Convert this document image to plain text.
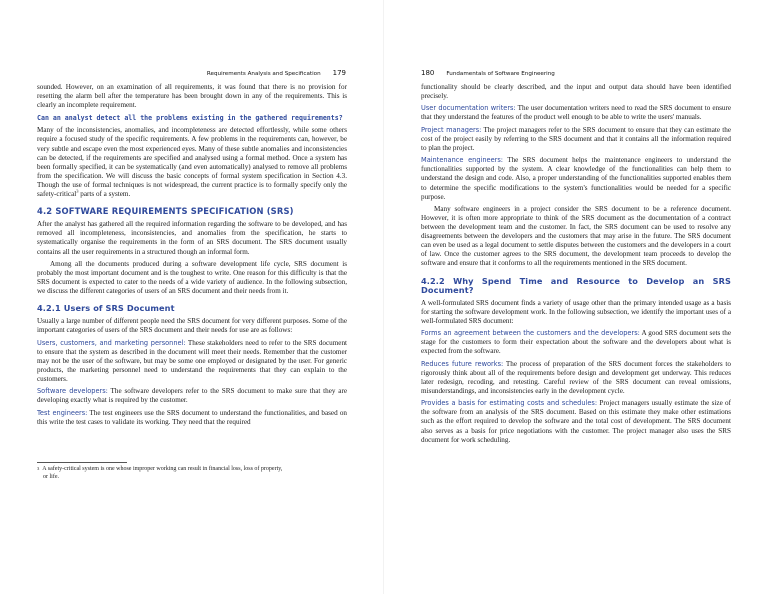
Requirements Analysis and Specification 179

sounded. However, on an examination of all requirements, it was found that there is no provision for resetting the alarm bell after the temperature has been brought down in any of the requirements. This is clearly an incomplete requirement.

Can an analyst detect all the problems existing in the gathered requirements?

Many of the inconsistencies, anomalies, and incompleteness are detected effortlessly, while some others require a focused study of the specific requirements. A few problems in the requirements can, however, be very subtle and escape even the most experienced eyes. Many of these subtle anomalies and inconsistencies can be detected, if the requirements are specified and analysed using a formal method. Once a system has been formally specified, it can be systematically (and even automatically) analysed to remove all problems from the specification. We will discuss the basic concepts of formal system specification in Section 4.3. Though the use of formal techniques is not widespread, the current practice is to formally specify only the safety-critical$^3$ parts of a system.

4.2 SOFTWARE REQUIREMENTS SPECIFICATION (SRS)

After the analyst has gathered all the required information regarding the software to be developed, and has removed all incompleteness, inconsistencies, and anomalies from the specification, he starts to systematically organise the requirements in the form of an SRS document. The SRS document usually contains all the user requirements in a structured though an informal form.

Among all the documents produced during a software development life cycle, SRS document is probably the most important document and is the toughest to write. One reason for this difficulty is that the SRS document is expected to cater to the needs of a wide variety of audience. In the following subsection, we discuss the different categories of users of an SRS document and their needs from it.

4.2.1 Users of SRS Document

Usually a large number of different people need the SRS document for very different purposes. Some of the important categories of users of the SRS document and their needs for use are as follows:

Users, customers, and marketing personnel: These stakeholders need to refer to the SRS document to ensure that the system as described in the document will meet their needs. Remember that the customer may not be the user of the software, but may be some one employed or designated by the user. For generic products, the marketing personnel need to understand the requirements that they can explain to the customers.

Software developers: The software developers refer to the SRS document to make sure that they are developing exactly what is required by the customer.

Test engineers: The test engineers use the SRS document to understand the functionalities, and based on this write the test cases to validate its working. They need that the required

$^3$ A safety-critical system is one whose improper working can result in financial loss, loss of property,
or life.
180 Fundamentals of Software Engineering

functionality should be clearly described, and the input and output data should have been identified precisely.

User documentation writers: The user documentation writers need to read the SRS document to ensure that they understand the features of the product well enough to be able to write the users' manuals.

Project managers: The project managers refer to the SRS document to ensure that they can estimate the cost of the project easily by referring to the SRS document and that it contains all the information required to plan the project.

Maintenance engineers: The SRS document helps the maintenance engineers to understand the functionalities supported by the system. A clear knowledge of the functionalities can help them to understand the design and code. Also, a proper understanding of the functionalities supported enables them to determine the specific modifications to the system's functionalities would be needed for a specific purpose.

Many software engineers in a project consider the SRS document to be a reference document. However, it is often more appropriate to think of the SRS document as the documentation of a contract between the development team and the customer. In fact, the SRS document can be used to resolve any disagreements between the developers and the customers that may arise in the future. The SRS document can even be used as a legal document to settle disputes between the customers and the developers in a court of law. Once the customer agrees to the SRS document, the development team proceeds to develop the software and ensure that it conforms to all the requirements mentioned in the SRS document.

4.2.2 Why Spend Time and Resource to Develop an SRS Document?

A well-formulated SRS document finds a variety of usage other than the primary intended usage as a basis for starting the software development work. In the following subsection, we identify the important uses of a well-formulated SRS document:

Forms an agreement between the customers and the developers: A good SRS document sets the stage for the customers to form their expectation about the software and the developers about what is expected from the software.

Reduces future reworks: The process of preparation of the SRS document forces the stakeholders to rigorously think about all of the requirements before design and development get underway. This reduces later redesign, recoding, and retesting. Careful review of the SRS document can reveal omissions, misunderstandings, and inconsistencies early in the development cycle.

Provides a basis for estimating costs and schedules: Project managers usually estimate the size of the software from an analysis of the SRS document. Based on this estimate they make other estimations such as the effort required to develop the software and the total cost of development. The SRS document also serves as a basis for price negotiations with the customer. The project manager also uses the SRS document for work scheduling.
